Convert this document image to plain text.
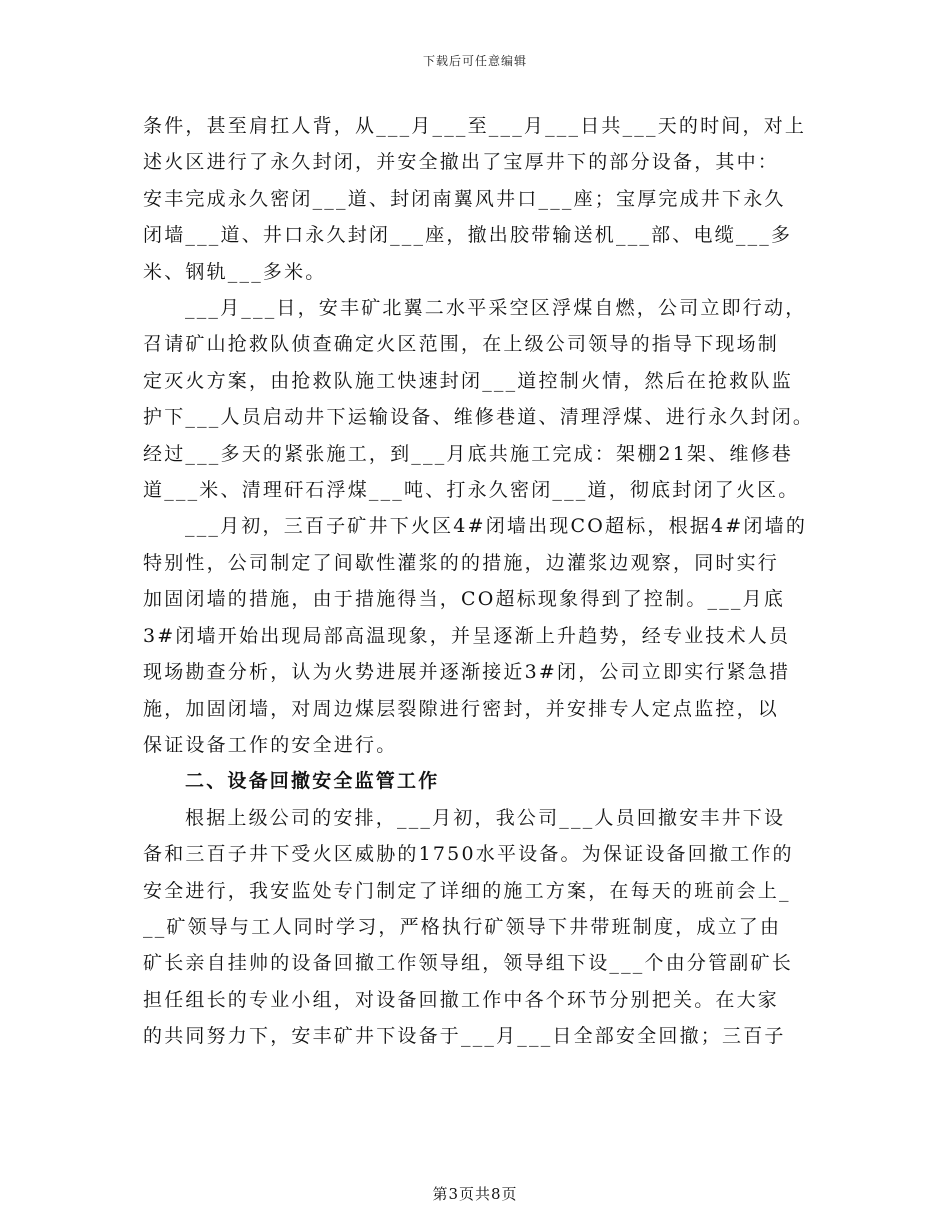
下载后可任意编辑

条件，甚至肩扛人背，从___月___至___月___日共___天的时间，对上
述火区进行了永久封闭，并安全撤出了宝厚井下的部分设备，其中：
安丰完成永久密闭___道、封闭南翼风井口___座；宝厚完成井下永久
闭墙___道、井口永久封闭___座，撤出胶带输送机___部、电缆___多
米、钢轨___多米。

___月___日，安丰矿北翼二水平采空区浮煤自燃，公司立即行动，
召请矿山抢救队侦查确定火区范围，在上级公司领导的指导下现场制
定灭火方案，由抢救队施工快速封闭___道控制火情，然后在抢救队监
护下___人员启动井下运输设备、维修巷道、清理浮煤、进行永久封闭。
经过___多天的紧张施工，到___月底共施工完成：架棚21架、维修巷
道___米、清理矸石浮煤___吨、打永久密闭___道，彻底封闭了火区。

___月初，三百子矿井下火区4#闭墙出现CO超标，根据4#闭墙的
特别性，公司制定了间歇性灌浆的的措施，边灌浆边观察，同时实行
加固闭墙的措施，由于措施得当，CO超标现象得到了控制。___月底
3#闭墙开始出现局部高温现象，并呈逐渐上升趋势，经专业技术人员
现场勘查分析，认为火势进展并逐渐接近3#闭，公司立即实行紧急措
施，加固闭墙，对周边煤层裂隙进行密封，并安排专人定点监控，以
保证设备工作的安全进行。

二、设备回撤安全监管工作

根据上级公司的安排，___月初，我公司___人员回撤安丰井下设
备和三百子井下受火区威胁的1750水平设备。为保证设备回撤工作的
安全进行，我安监处专门制定了详细的施工方案，在每天的班前会上_
__矿领导与工人同时学习，严格执行矿领导下井带班制度，成立了由
矿长亲自挂帅的设备回撤工作领导组，领导组下设___个由分管副矿长
担任组长的专业小组，对设备回撤工作中各个环节分别把关。在大家
的共同努力下，安丰矿井下设备于___月___日全部安全回撤；三百子

第3页共8页
